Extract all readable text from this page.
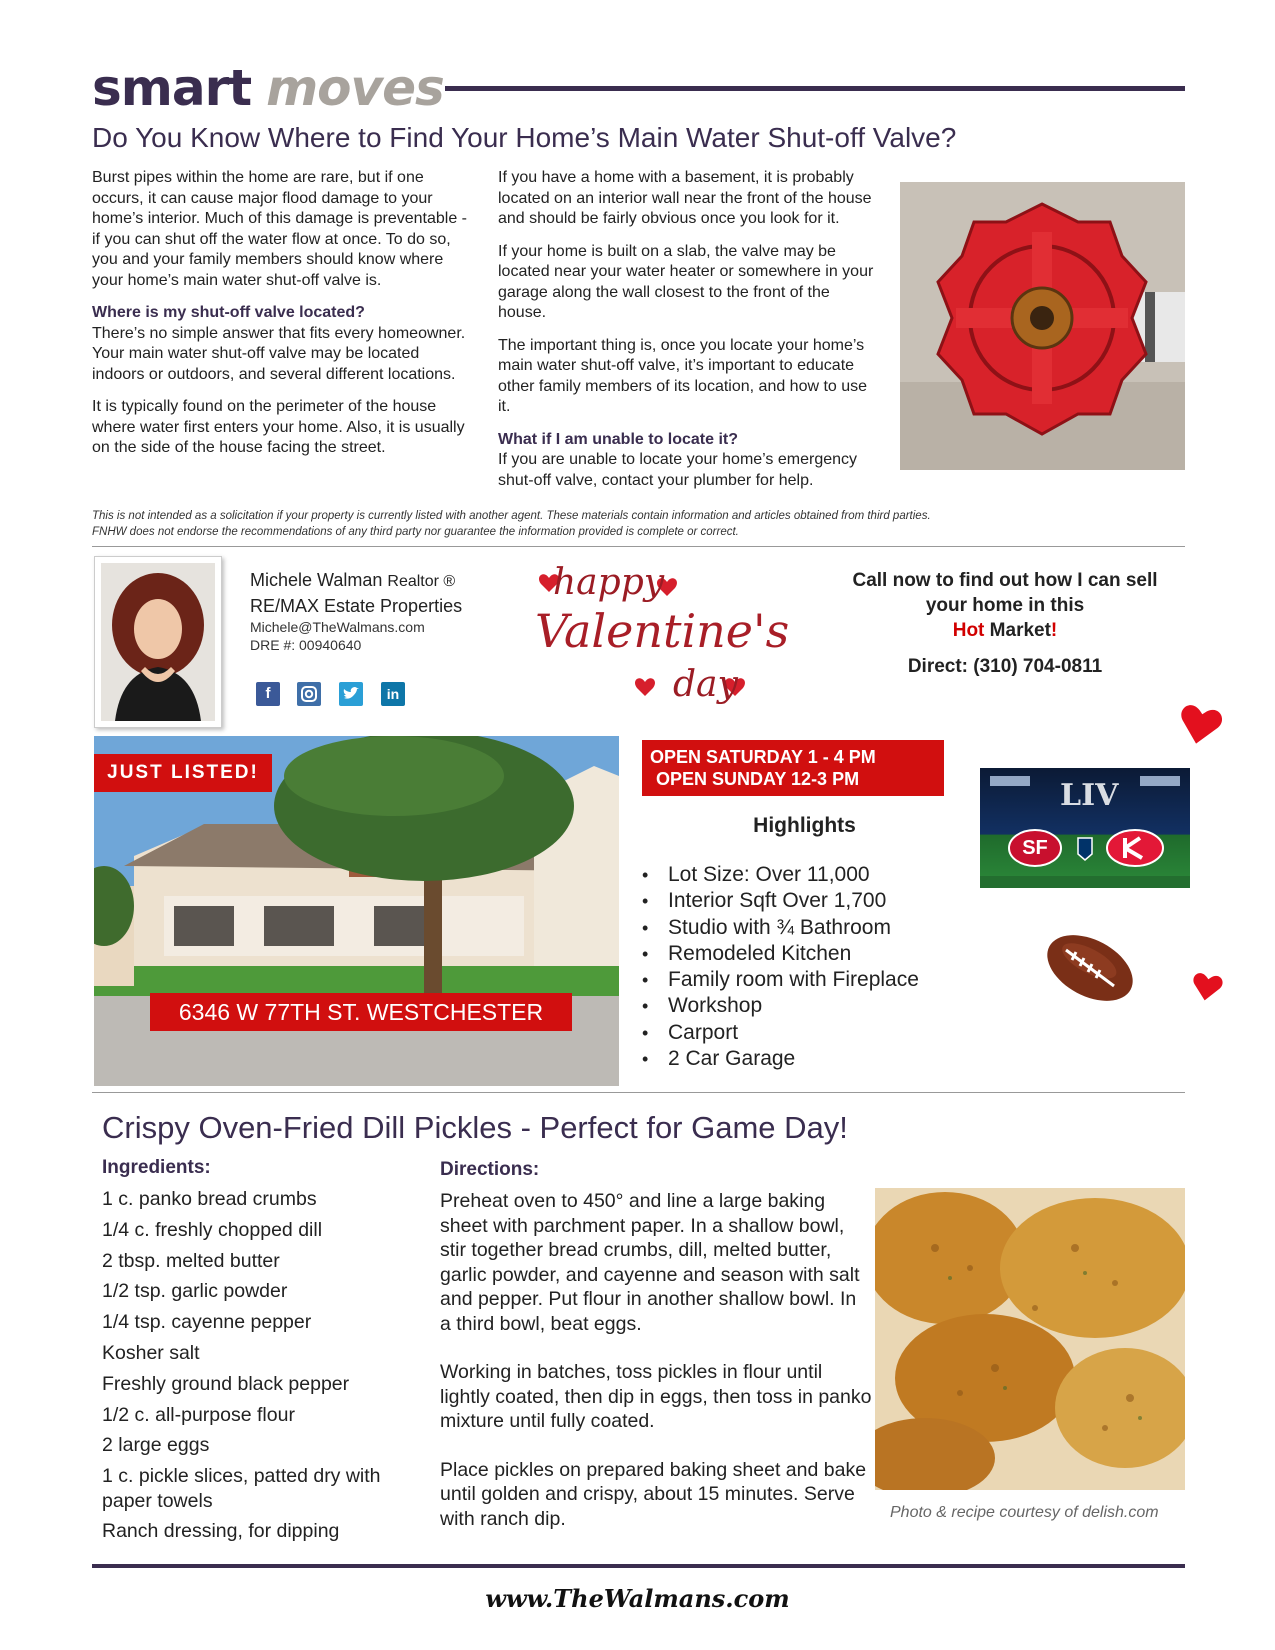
smart moves
Do You Know Where to Find Your Home’s Main Water Shut-off Valve?

Burst pipes within the home are rare, but if one occurs, it can cause major flood damage to your home’s interior. Much of this damage is preventable - if you can shut off the water flow at once. To do so, you and your family members should know where your home’s main water shut-off valve is.

Where is my shut-off valve located?

There’s no simple answer that fits every homeowner. Your main water shut-off valve may be located indoors or outdoors, and several different locations.

It is typically found on the perimeter of the house where water first enters your home. Also, it is usually on the side of the house facing the street.

If you have a home with a basement, it is probably located on an interior wall near the front of the house and should be fairly obvious once you look for it.

If your home is built on a slab, the valve may be located near your water heater or somewhere in your garage along the wall closest to the front of the house.

The important thing is, once you locate your home’s main water shut-off valve, it’s important to educate other family members of its location, and how to use it.

What if I am unable to locate it?

If you are unable to locate your home’s emergency shut-off valve, contact your plumber for help.

This is not intended as a solicitation if your property is currently listed with another agent. These materials contain information and articles obtained from third parties.
FNHW does not endorse the recommendations of any third party nor guarantee the information provided is complete or correct.
Michele Walman Realtor ®
RE/MAX Estate Properties
Michele@TheWalmans.com
DRE #: 00940640
f	in
happy
Valentine's
day
Call now to find out how I can sell
your home in this
Hot Market!
Direct: (310) 704-0811
JUST LISTED!
6346 W 77TH ST. WESTCHESTER
OPEN SATURDAY 1 - 4 PM
OPEN SUNDAY 12-3 PM
Highlights
• Lot Size: Over 11,000
• Interior Sqft Over 1,700
• Studio with ¾ Bathroom
• Remodeled Kitchen
• Family room with Fireplace
• Workshop
• Carport
• 2 Car Garage
LIV
SF
Crispy Oven-Fried Dill Pickles - Perfect for Game Day!
Ingredients:	Directions:
1 c. panko bread crumbs
1/4 c. freshly chopped dill
2 tbsp. melted butter
1/2 tsp. garlic powder
1/4 tsp. cayenne pepper
Kosher salt
Freshly ground black pepper
1/2 c. all-purpose flour
2 large eggs
1 c. pickle slices, patted dry with paper towels
Ranch dressing, for dipping

Preheat oven to 450° and line a large baking sheet with parchment paper. In a shallow bowl, stir together bread crumbs, dill, melted butter, garlic powder, and cayenne and season with salt and pepper. Put flour in another shallow bowl. In a third bowl, beat eggs.

Working in batches, toss pickles in flour until lightly coated, then dip in eggs, then toss in panko mixture until fully coated.

Place pickles on prepared baking sheet and bake until golden and crispy, about 15 minutes. Serve with ranch dip.	Photo & recipe courtesy of delish.com
www.TheWalmans.com
